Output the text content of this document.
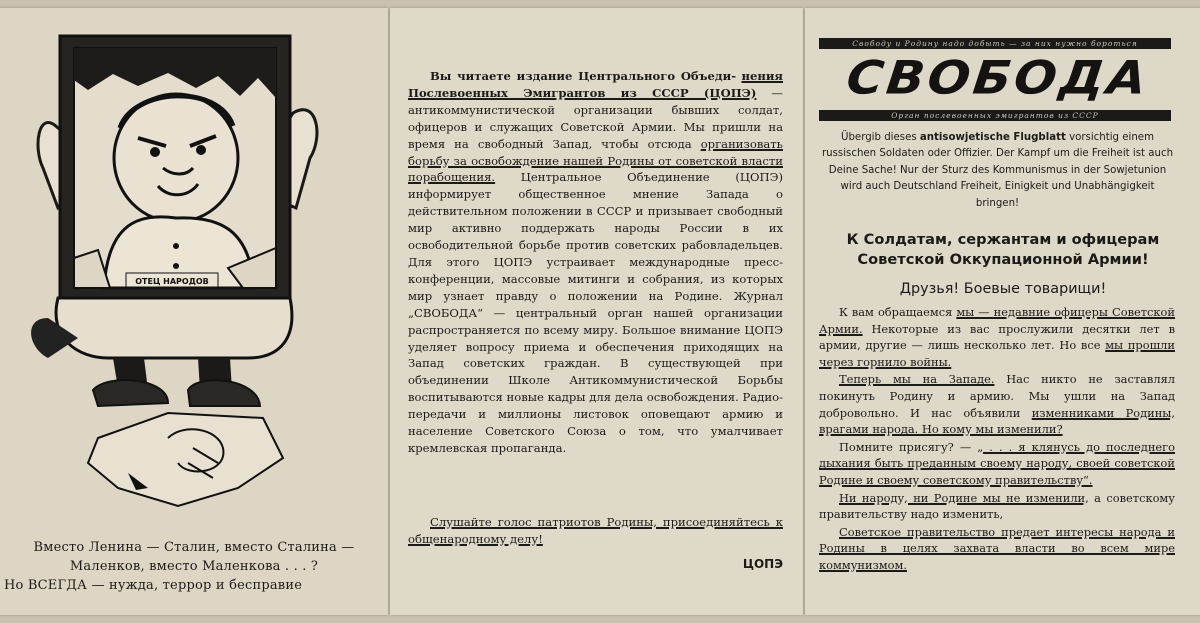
ОТЕЦ НАРОДОВ
Вместо Ленина — Сталин, вместо Сталина —
Маленков, вместо Маленкова . . . ?
Но ВСЕГДА — нужда, террор и бесправие

Вы читаете издание Центрального Объеди- нения Послевоенных Эмигрантов из СССР (ЦОПЭ) — антикоммунистической организации бывших солдат, офицеров и служащих Советской Армии. Мы пришли на время на свободный Запад, чтобы отсюда организовать борьбу за освобождение нашей Родины от советской власти порабощения. Центральное Объединение (ЦОПЭ) информирует общественное мнение Запада о действительном положении в СССР и призывает свободный мир активно поддержать народы России в их освободительной борьбе против советских рабовладельцев. Для этого ЦОПЭ устраивает международные пресс-конференции, массовые митинги и собрания, из которых мир узнает правду о положении на Родине. Журнал „СВОБОДА“ — центральный орган нашей организации распространяется по всему миру. Большое внимание ЦОПЭ уделяет вопросу приема и обеспечения приходящих на Запад советских граждан. В существующей при объединении Школе Антикоммунистической Борьбы воспитываются новые кадры для дела освобождения. Радио-передачи и миллионы листовок оповещают армию и население Советского Союза о том, что умалчивает кремлевская пропаганда.

Слушайте голос патриотов Родины, присоединяйтесь к общенародному делу!
ЦОПЭ
Свободу и Родину надо добыть — за них нужно бороться
СВОБОДА
Орган послевоенных эмигрантов из СССР
Übergib dieses antisowjetische Flugblatt vorsichtig einem russischen Soldaten oder Offizier. Der Kampf um die Freiheit ist auch Deine Sache! Nur der Sturz des Kommunismus in der Sowjetunion wird auch Deutschland Freiheit, Einigkeit und Unabhängigkeit bringen!
К Солдатам, сержантам и офицерам
Советской Оккупационной Армии!
Друзья! Боевые товарищи!

К вам обращаемся мы — недавние офицеры Советской Армии. Некоторые из вас прослужили десятки лет в армии, другие — лишь несколько лет. Но все мы прошли через горнило войны.

Теперь мы на Западе. Нас никто не заставлял покинуть Родину и армию. Мы ушли на Запад добровольно. И нас объявили изменниками Родины, врагами народа. Но кому мы изменили?

Помните присягу? — „ . . . я клянусь до последнего дыхания быть преданным своему народу, своей советской Родине и своему советскому правительству“.

Ни народу, ни Родине мы не изменили, а советскому правительству надо изменить,

Советское правительство предает интересы народа и Родины в целях захвата власти во всем мире коммунизмом.
